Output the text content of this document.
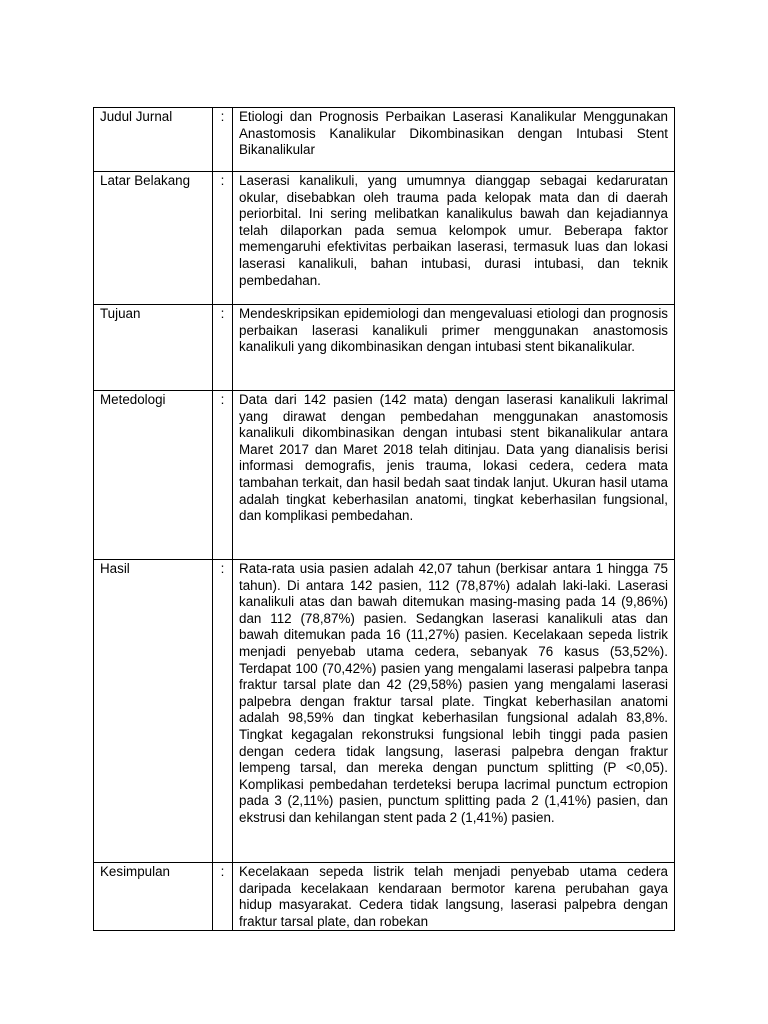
Judul Jurnal	:	Etiologi dan Prognosis Perbaikan Laserasi Kanalikular Menggunakan Anastomosis Kanalikular Dikombinasikan dengan Intubasi Stent Bikanalikular

Latar Belakang	:	Laserasi kanalikuli, yang umumnya dianggap sebagai kedaruratan okular, disebabkan oleh trauma pada kelopak mata dan di daerah periorbital. Ini sering melibatkan kanalikulus bawah dan kejadiannya telah dilaporkan pada semua kelompok umur. Beberapa faktor memengaruhi efektivitas perbaikan laserasi, termasuk luas dan lokasi laserasi kanalikuli, bahan intubasi, durasi intubasi, dan teknik pembedahan.

Tujuan	:	Mendeskripsikan epidemiologi dan mengevaluasi etiologi dan prognosis perbaikan laserasi kanalikuli primer menggunakan anastomosis kanalikuli yang dikombinasikan dengan intubasi stent bikanalikular.

Metedologi	:	Data dari 142 pasien (142 mata) dengan laserasi kanalikuli lakrimal yang dirawat dengan pembedahan menggunakan anastomosis kanalikuli dikombinasikan dengan intubasi stent bikanalikular antara Maret 2017 dan Maret 2018 telah ditinjau. Data yang dianalisis berisi informasi demografis, jenis trauma, lokasi cedera, cedera mata tambahan terkait, dan hasil bedah saat tindak lanjut. Ukuran hasil utama adalah tingkat keberhasilan anatomi, tingkat keberhasilan fungsional, dan komplikasi pembedahan.

Hasil	:	Rata-rata usia pasien adalah 42,07 tahun (berkisar antara 1 hingga 75 tahun). Di antara 142 pasien, 112 (78,87%) adalah laki-laki. Laserasi kanalikuli atas dan bawah ditemukan masing-masing pada 14 (9,86%) dan 112 (78,87%) pasien. Sedangkan laserasi kanalikuli atas dan bawah ditemukan pada 16 (11,27%) pasien. Kecelakaan sepeda listrik menjadi penyebab utama cedera, sebanyak 76 kasus (53,52%). Terdapat 100 (70,42%) pasien yang mengalami laserasi palpebra tanpa fraktur tarsal plate dan 42 (29,58%) pasien yang mengalami laserasi palpebra dengan fraktur tarsal plate. Tingkat keberhasilan anatomi adalah 98,59% dan tingkat keberhasilan fungsional adalah 83,8%. Tingkat kegagalan rekonstruksi fungsional lebih tinggi pada pasien dengan cedera tidak langsung, laserasi palpebra dengan fraktur lempeng tarsal, dan mereka dengan punctum splitting (P <0,05). Komplikasi pembedahan terdeteksi berupa lacrimal punctum ectropion pada 3 (2,11%) pasien, punctum splitting pada 2 (1,41%) pasien, dan ekstrusi dan kehilangan stent pada 2 (1,41%) pasien.

Kesimpulan	:	Kecelakaan sepeda listrik telah menjadi penyebab utama cedera daripada kecelakaan kendaraan bermotor karena perubahan gaya hidup masyarakat. Cedera tidak langsung, laserasi palpebra dengan fraktur tarsal plate, dan robekan
